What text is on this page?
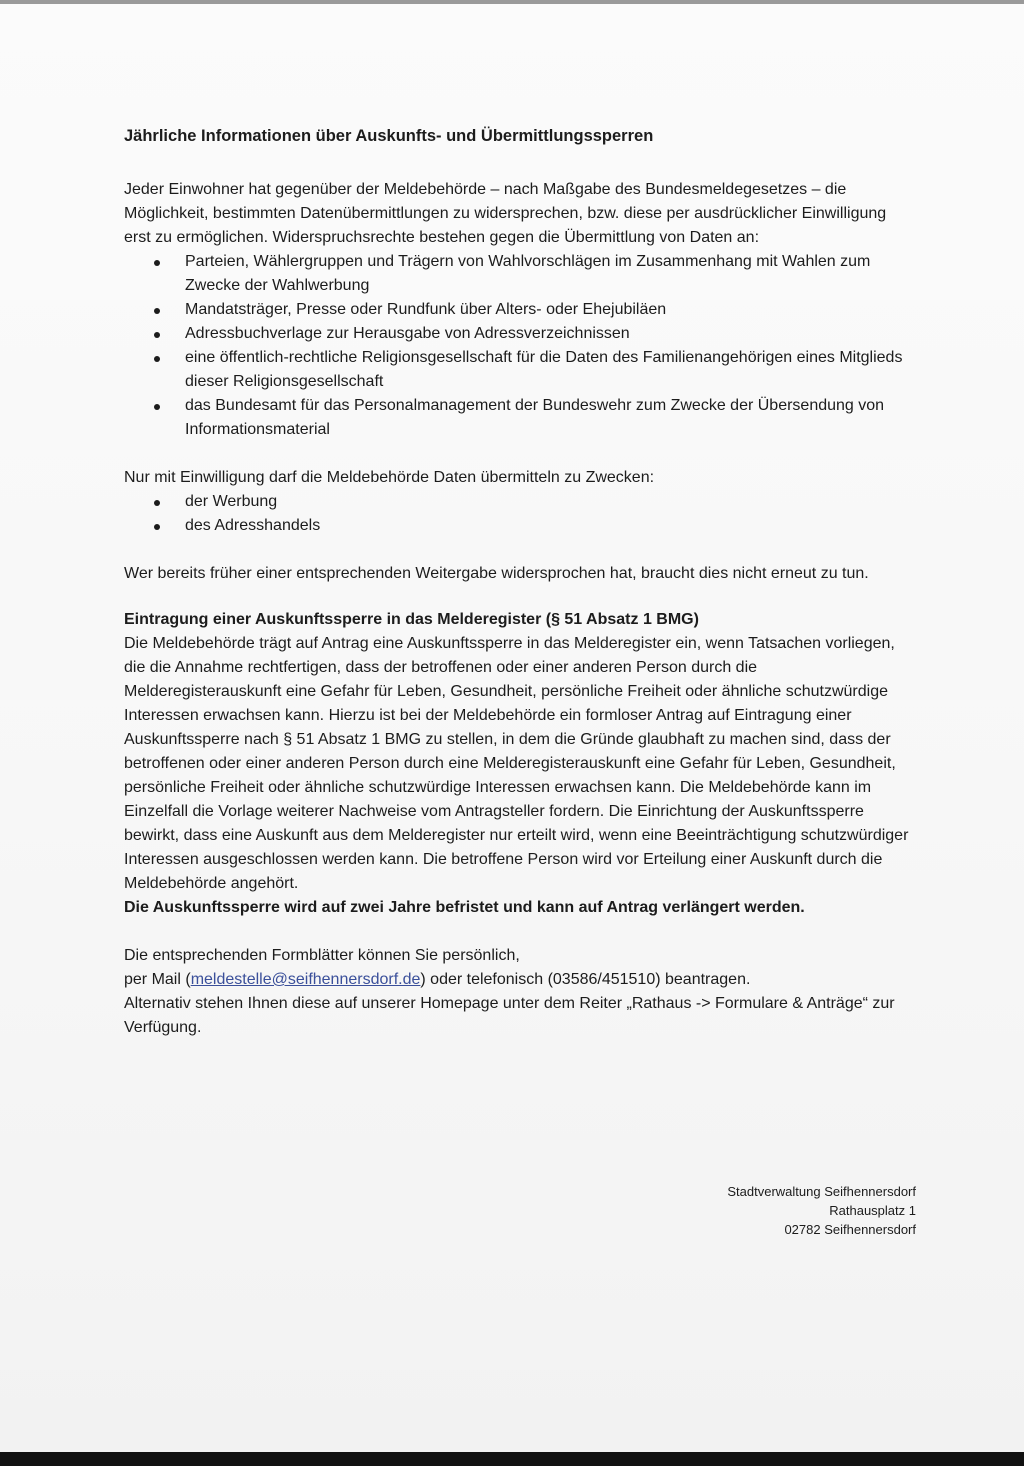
Jährliche Informationen über Auskunfts- und Übermittlungssperren

Jeder Einwohner hat gegenüber der Meldebehörde – nach Maßgabe des Bundesmeldegesetzes – die Möglichkeit, bestimmten Datenübermittlungen zu widersprechen, bzw. diese per ausdrücklicher Einwilligung erst zu ermöglichen. Widerspruchsrechte bestehen gegen die Übermittlung von Daten an:

Parteien, Wählergruppen und Trägern von Wahlvorschlägen im Zusammenhang mit Wahlen zum Zwecke der Wahlwerbung
Mandatsträger, Presse oder Rundfunk über Alters- oder Ehejubiläen
Adressbuchverlage zur Herausgabe von Adressverzeichnissen
eine öffentlich-rechtliche Religionsgesellschaft für die Daten des Familienangehörigen eines Mitglieds dieser Religionsgesellschaft
das Bundesamt für das Personalmanagement der Bundeswehr zum Zwecke der Übersendung von Informationsmaterial

Nur mit Einwilligung darf die Meldebehörde Daten übermitteln zu Zwecken:

der Werbung
des Adresshandels

Wer bereits früher einer entsprechenden Weitergabe widersprochen hat, braucht dies nicht erneut zu tun.

Eintragung einer Auskunftssperre in das Melderegister (§ 51 Absatz 1 BMG)

Die Meldebehörde trägt auf Antrag eine Auskunftssperre in das Melderegister ein, wenn Tatsachen vorliegen, die die Annahme rechtfertigen, dass der betroffenen oder einer anderen Person durch die Melderegisterauskunft eine Gefahr für Leben, Gesundheit, persönliche Freiheit oder ähnliche schutzwürdige Interessen erwachsen kann. Hierzu ist bei der Meldebehörde ein formloser Antrag auf Eintragung einer Auskunftssperre nach § 51 Absatz 1 BMG zu stellen, in dem die Gründe glaubhaft zu machen sind, dass der betroffenen oder einer anderen Person durch eine Melderegisterauskunft eine Gefahr für Leben, Gesundheit, persönliche Freiheit oder ähnliche schutzwürdige Interessen erwachsen kann. Die Meldebehörde kann im Einzelfall die Vorlage weiterer Nachweise vom Antragsteller fordern. Die Einrichtung der Auskunftssperre bewirkt, dass eine Auskunft aus dem Melderegister nur erteilt wird, wenn eine Beeinträchtigung schutzwürdiger Interessen ausgeschlossen werden kann. Die betroffene Person wird vor Erteilung einer Auskunft durch die Meldebehörde angehört.

Die Auskunftssperre wird auf zwei Jahre befristet und kann auf Antrag verlängert werden.

Die entsprechenden Formblätter können Sie persönlich,

per Mail (meldestelle@seifhennersdorf.de) oder telefonisch (03586/451510) beantragen.

Alternativ stehen Ihnen diese auf unserer Homepage unter dem Reiter „Rathaus -> Formulare & Anträge“ zur Verfügung.

Stadtverwaltung Seifhennersdorf
Rathausplatz 1
02782 Seifhennersdorf
